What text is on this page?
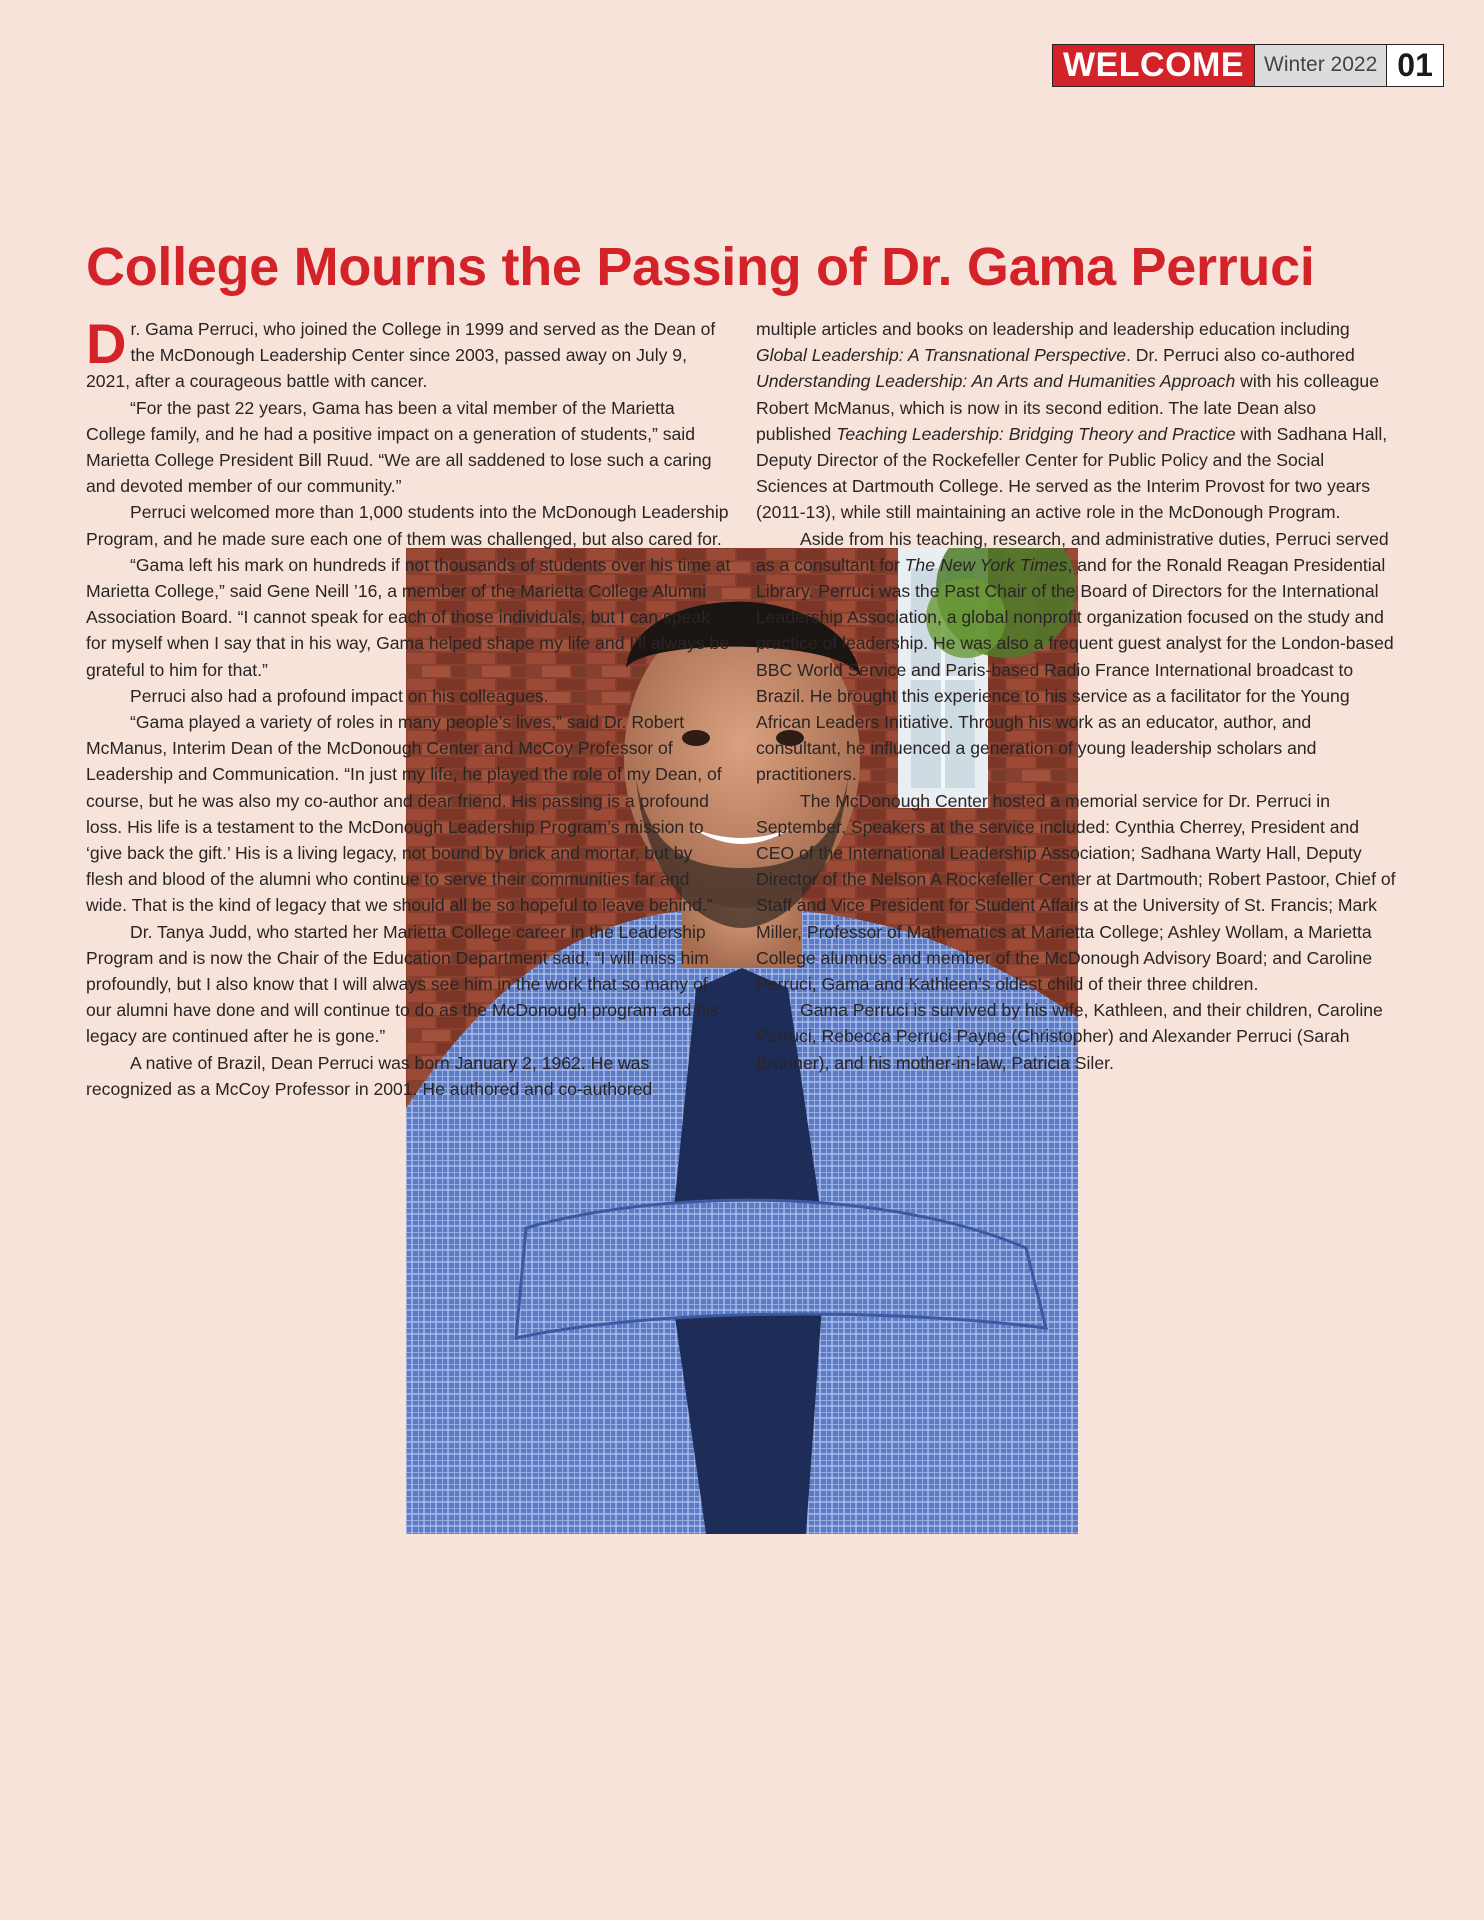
WELCOME Winter 2022 01
College Mourns the Passing of Dr. Gama Perruci

Dr. Gama Perruci, who joined the College in 1999 and served as the Dean of the McDonough Leadership Center since 2003, passed away on July 9, 2021, after a courageous battle with cancer.

“For the past 22 years, Gama has been a vital member of the Marietta College family, and he had a positive impact on a generation of students,” said Marietta College President Bill Ruud. “We are all saddened to lose such a caring and devoted member of our community.”

Perruci welcomed more than 1,000 students into the McDonough Leadership Program, and he made sure each one of them was challenged, but also cared for.

“Gama left his mark on hundreds if not thousands of students over his time at Marietta College,” said Gene Neill ’16, a member of the Marietta College Alumni Association Board. “I cannot speak for each of those individuals, but I can speak for myself when I say that in his way, Gama helped shape my life and I’ll always be grateful to him for that.”

Perruci also had a profound impact on his colleagues.

“Gama played a variety of roles in many people’s lives,” said Dr. Robert McManus, Interim Dean of the McDonough Center and McCoy Professor of Leadership and Communication. “In just my life, he played the role of my Dean, of course, but he was also my co-author and dear friend. His passing is a profound loss. His life is a testament to the McDonough Leadership Program’s mission to ‘give back the gift.’ His is a living legacy, not bound by brick and mortar, but by flesh and blood of the alumni who continue to serve their communities far and wide. That is the kind of legacy that we should all be so hopeful to leave behind.”

Dr. Tanya Judd, who started her Marietta College career in the Leadership Program and is now the Chair of the Education Department said, “I will miss him profoundly, but I also know that I will always see him in the work that so many of our alumni have done and will continue to do as the McDonough program and his legacy are continued after he is gone.”

A native of Brazil, Dean Perruci was born January 2, 1962. He was recognized as a McCoy Professor in 2001. He authored and co-authored

multiple articles and books on leadership and leadership education including Global Leadership: A Transnational Perspective. Dr. Perruci also co-authored Understanding Leadership: An Arts and Humanities Approach with his colleague Robert McManus, which is now in its second edition. The late Dean also published Teaching Leadership: Bridging Theory and Practice with Sadhana Hall, Deputy Director of the Rockefeller Center for Public Policy and the Social Sciences at Dartmouth College. He served as the Interim Provost for two years (2011-13), while still maintaining an active role in the McDonough Program.

Aside from his teaching, research, and administrative duties, Perruci served as a consultant for The New York Times, and for the Ronald Reagan Presidential Library. Perruci was the Past Chair of the Board of Directors for the International Leadership Association, a global nonprofit organization focused on the study and practice of leadership. He was also a frequent guest analyst for the London-based BBC World Service and Paris-based Radio France International broadcast to Brazil. He brought this experience to his service as a facilitator for the Young African Leaders Initiative. Through his work as an educator, author, and consultant, he influenced a generation of young leadership scholars and practitioners.

The McDonough Center hosted a memorial service for Dr. Perruci in September. Speakers at the service included: Cynthia Cherrey, President and CEO of the International Leadership Association; Sadhana Warty Hall, Deputy Director of the Nelson A Rockefeller Center at Dartmouth; Robert Pastoor, Chief of Staff and Vice President for Student Affairs at the University of St. Francis; Mark Miller, Professor of Mathematics at Marietta College; Ashley Wollam, a Marietta College alumnus and member of the McDonough Advisory Board; and Caroline Perruci, Gama and Kathleen’s oldest child of their three children.

Gama Perruci is survived by his wife, Kathleen, and their children, Caroline Perruci, Rebecca Perruci Payne (Christopher) and Alexander Perruci (Sarah Brunner), and his mother-in-law, Patricia Siler.
